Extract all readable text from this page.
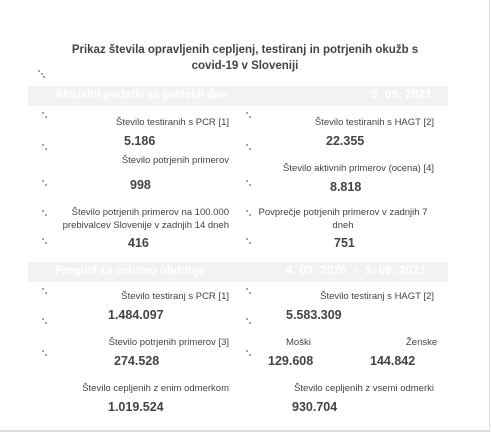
Prikaz števila opravljenih cepljenj, testiranj in potrjenih okužb s covid-19 v Sloveniji
Aktualni podatki za pretekli dan	9. 09. 2021
Število testiranih s PCR [1]
5.186
Število testiranih s HAGT [2]
22.355
Število potrjenih primerov
998
Število aktivnih primerov (ocena) [4]
8.818
Število potrjenih primerov na 100.000 prebivalcev Slovenije v zadnjih 14 dneh
416
Povprečje potrjenih primerov v zadnjih 7 dneh
751
Pregled za celotno obdobje	4. 03. 2020 - 9. 09. 2021
Število testiranj s PCR [1]
1.484.097
Število testiranj s HAGT [2]
5.583.309
Število potrjenih primerov [3]
274.528
Moški
129.608
Ženske
144.842
Število cepljenih z enim odmerkom
1.019.524
Število cepljenih z vsemi odmerki
930.704
